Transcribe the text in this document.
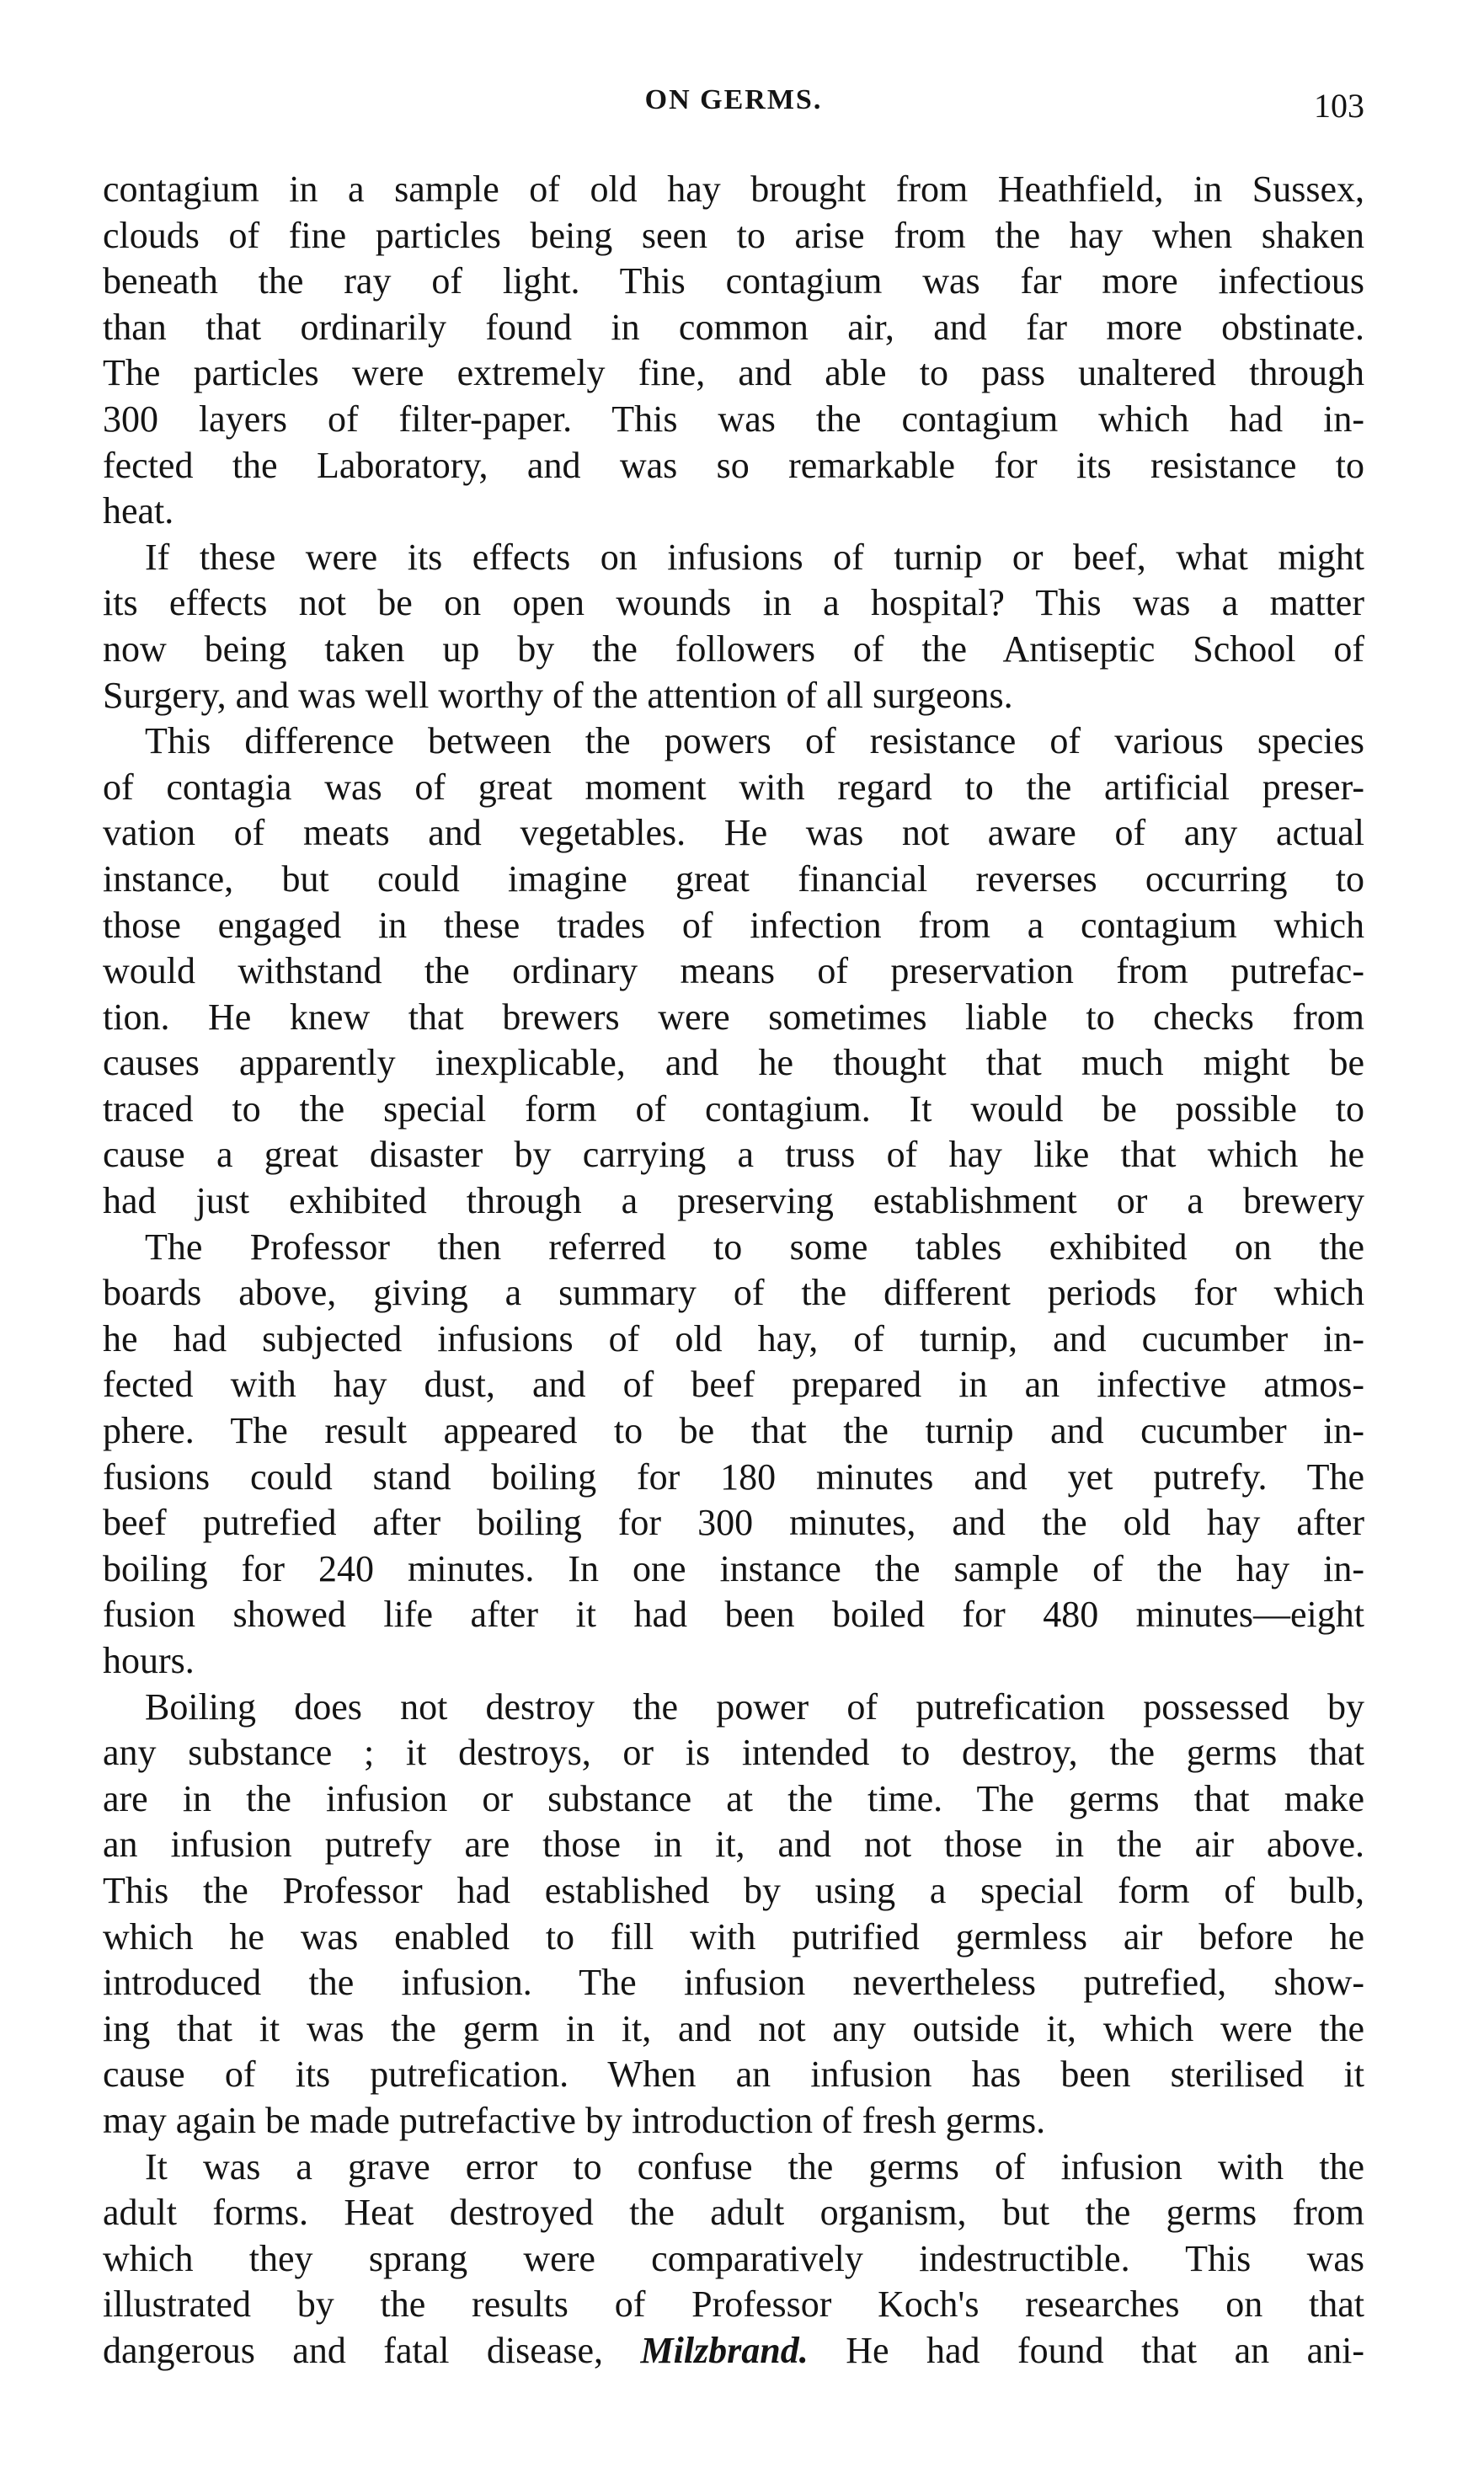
ON GERMS.	103
contagium in a sample of old hay brought from Heathfield, in Sussex,
clouds of fine particles being seen to arise from the hay when shaken
beneath the ray of light. This contagium was far more infectious
than that ordinarily found in common air, and far more obstinate.
The particles were extremely fine, and able to pass unaltered through
300 layers of filter-paper. This was the contagium which had in-
fected the Laboratory, and was so remarkable for its resistance to
heat.
If these were its effects on infusions of turnip or beef, what might
its effects not be on open wounds in a hospital? This was a matter
now being taken up by the followers of the Antiseptic School of
Surgery, and was well worthy of the attention of all surgeons.
This difference between the powers of resistance of various species
of contagia was of great moment with regard to the artificial preser-
vation of meats and vegetables. He was not aware of any actual
instance, but could imagine great financial reverses occurring to
those engaged in these trades of infection from a contagium which
would withstand the ordinary means of preservation from putrefac-
tion. He knew that brewers were sometimes liable to checks from
causes apparently inexplicable, and he thought that much might be
traced to the special form of contagium. It would be possible to
cause a great disaster by carrying a truss of hay like that which he
had just exhibited through a preserving establishment or a brewery
The Professor then referred to some tables exhibited on the
boards above, giving a summary of the different periods for which
he had subjected infusions of old hay, of turnip, and cucumber in-
fected with hay dust, and of beef prepared in an infective atmos-
phere. The result appeared to be that the turnip and cucumber in-
fusions could stand boiling for 180 minutes and yet putrefy. The
beef putrefied after boiling for 300 minutes, and the old hay after
boiling for 240 minutes. In one instance the sample of the hay in-
fusion showed life after it had been boiled for 480 minutes—eight
hours.
Boiling does not destroy the power of putrefication possessed by
any substance ; it destroys, or is intended to destroy, the germs that
are in the infusion or substance at the time. The germs that make
an infusion putrefy are those in it, and not those in the air above.
This the Professor had established by using a special form of bulb,
which he was enabled to fill with putrified germless air before he
introduced the infusion. The infusion nevertheless putrefied, show-
ing that it was the germ in it, and not any outside it, which were the
cause of its putrefication. When an infusion has been sterilised it
may again be made putrefactive by introduction of fresh germs.
It was a grave error to confuse the germs of infusion with the
adult forms. Heat destroyed the adult organism, but the germs from
which they sprang were comparatively indestructible. This was
illustrated by the results of Professor Koch's researches on that
dangerous and fatal disease, Milzbrand. He had found that an ani-
